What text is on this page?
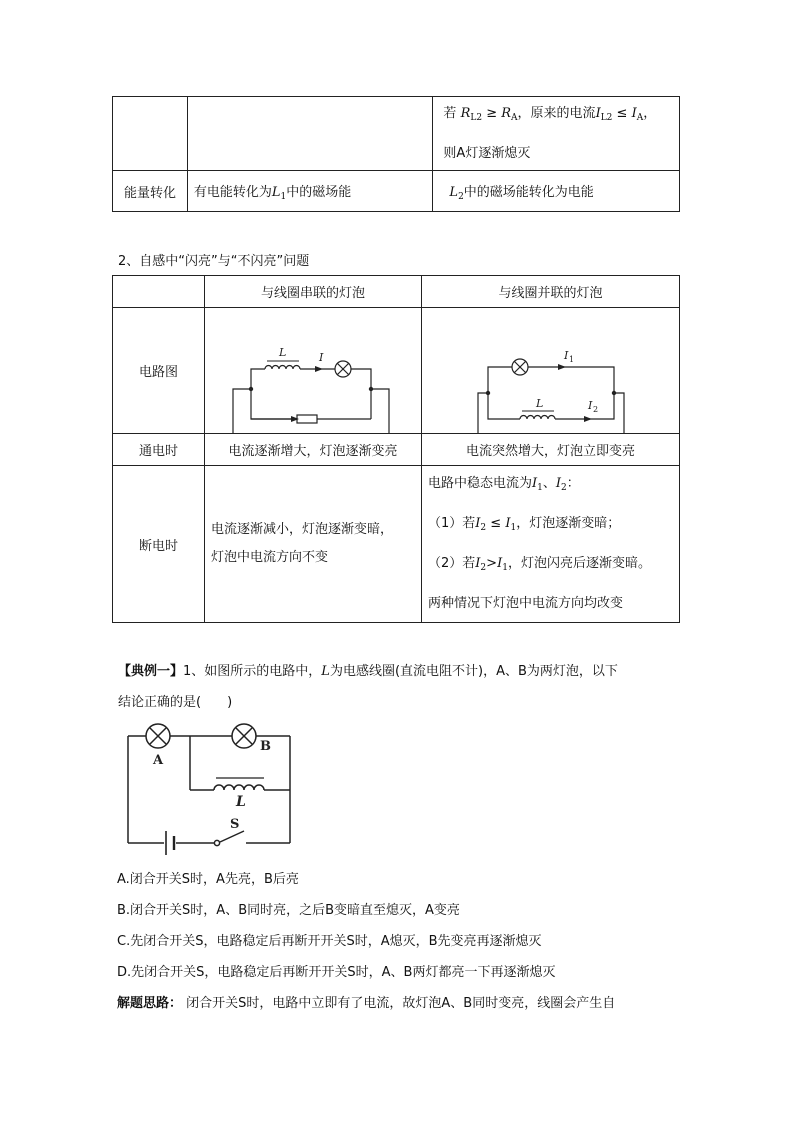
		若 $R_{L2} \ge R_A$，原来的电流$I_{L2} \le I_A$，
则A灯逐渐熄灭

能量转化	有电能转化为$L_1$中的磁场能	$L_2$中的磁场能转化为电能
2、自感中“闪亮”与“不闪亮”问题
	与线圈串联的灯泡	与线圈并联的灯泡
电路图	L I	I 1
L I 2

通电时	电流逐渐增大，灯泡逐渐变亮	电流突然增大，灯泡立即变亮
断电时	电流逐渐减小，灯泡逐渐变暗，
灯泡中电流方向不变	电路中稳态电流为$I_1$、$I_2$：
（1）若$I_2 \le I_1$，灯泡逐渐变暗；
（2）若$I_2>I_1$，灯泡闪亮后逐渐变暗。
两种情况下灯泡中电流方向均改变
【典例一】1、如图所示的电路中，L为电感线圈(直流电阻不计)，A、B为两灯泡，以下
结论正确的是(　　)
A
B
L
S
A.闭合开关S时，A先亮，B后亮
B.闭合开关S时，A、B同时亮，之后B变暗直至熄灭，A变亮
C.先闭合开关S，电路稳定后再断开开关S时，A熄灭，B先变亮再逐渐熄灭
D.先闭合开关S，电路稳定后再断开开关S时，A、B两灯都亮一下再逐渐熄灭
解题思路： 闭合开关S时，电路中立即有了电流，故灯泡A、B同时变亮，线圈会产生自
